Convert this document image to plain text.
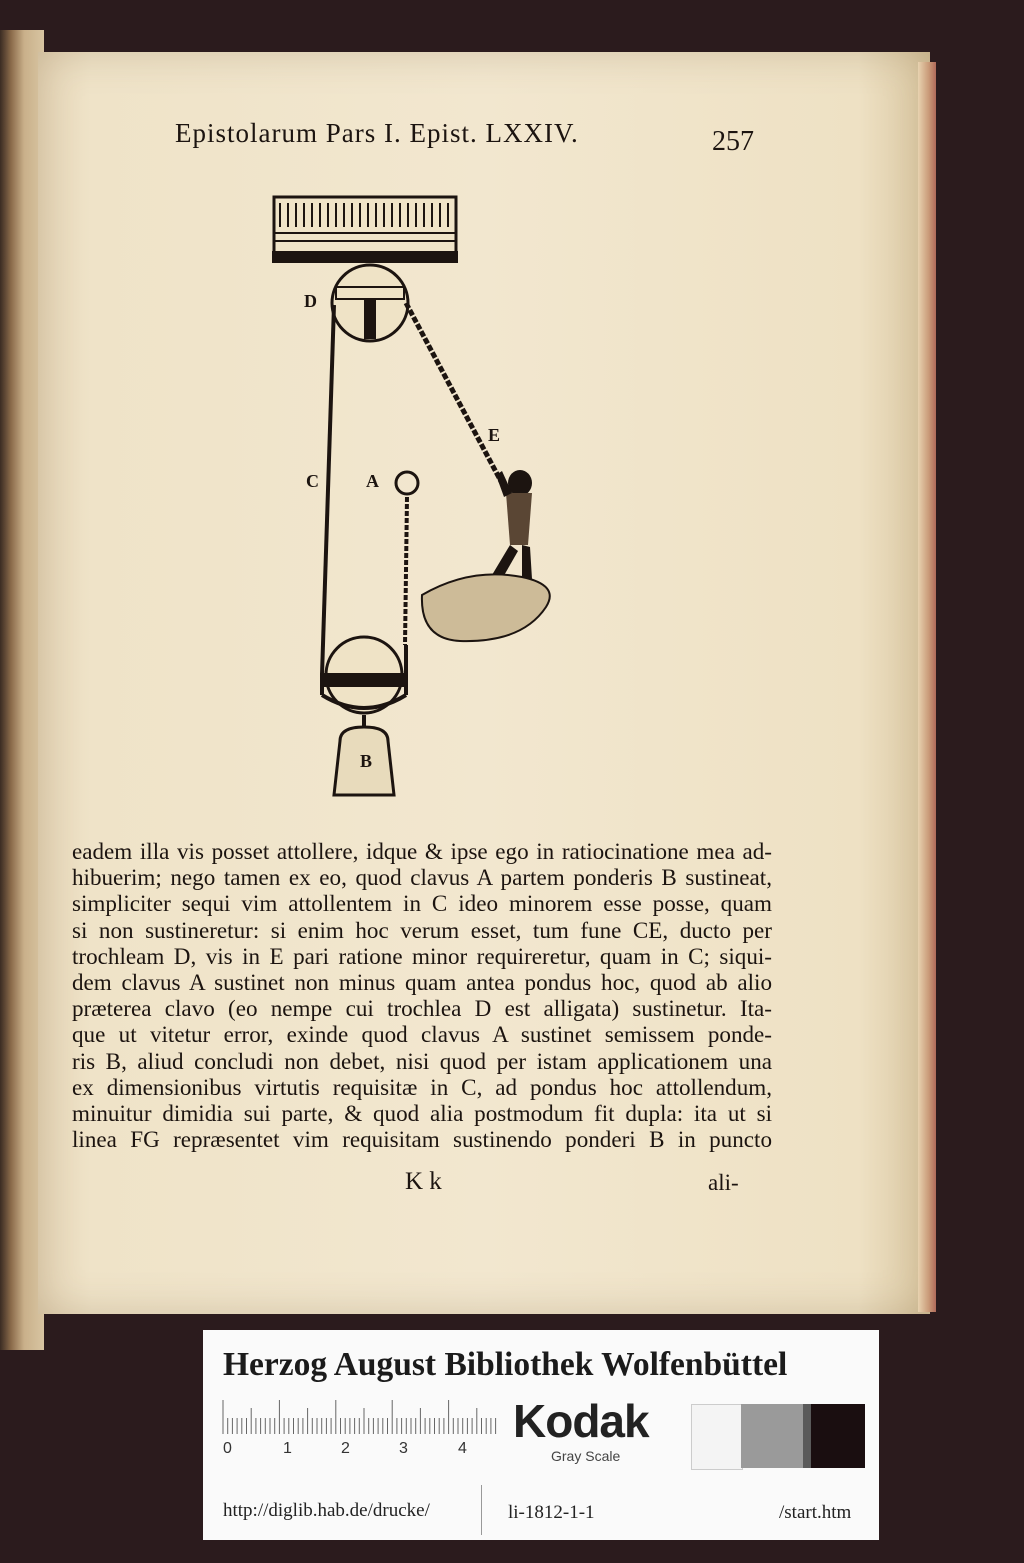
Epistolarum Pars I. Epist. LXXIV.	257
D
E
C	A
B
eadem illa vis posset attollere, idque & ipse ego in ratiocinatione mea ad-
hibuerim; nego tamen ex eo, quod clavus A partem ponderis B sustineat,
simpliciter sequi vim attollentem in C ideo minorem esse posse, quam
si non sustineretur: si enim hoc verum esset, tum fune CE, ducto per
trochleam D, vis in E pari ratione minor requireretur, quam in C; siqui-
dem clavus A sustinet non minus quam antea pondus hoc, quod ab alio
præterea clavo (eo nempe cui trochlea D est alligata) sustinetur. Ita-
que ut vitetur error, exinde quod clavus A sustinet semissem ponde-
ris B, aliud concludi non debet, nisi quod per istam applicationem una
ex dimensionibus virtutis requisitæ in C, ad pondus hoc attollendum,
minuitur dimidia sui parte, & quod alia postmodum fit dupla: ita ut si
linea FG repræsentet vim requisitam sustinendo ponderi B in puncto
K k	ali-
Herzog August Bibliothek Wolfenbüttel
0	1	2	3	4
Kodak
Gray Scale
http://diglib.hab.de/drucke/	li-1812-1-1	/start.htm
